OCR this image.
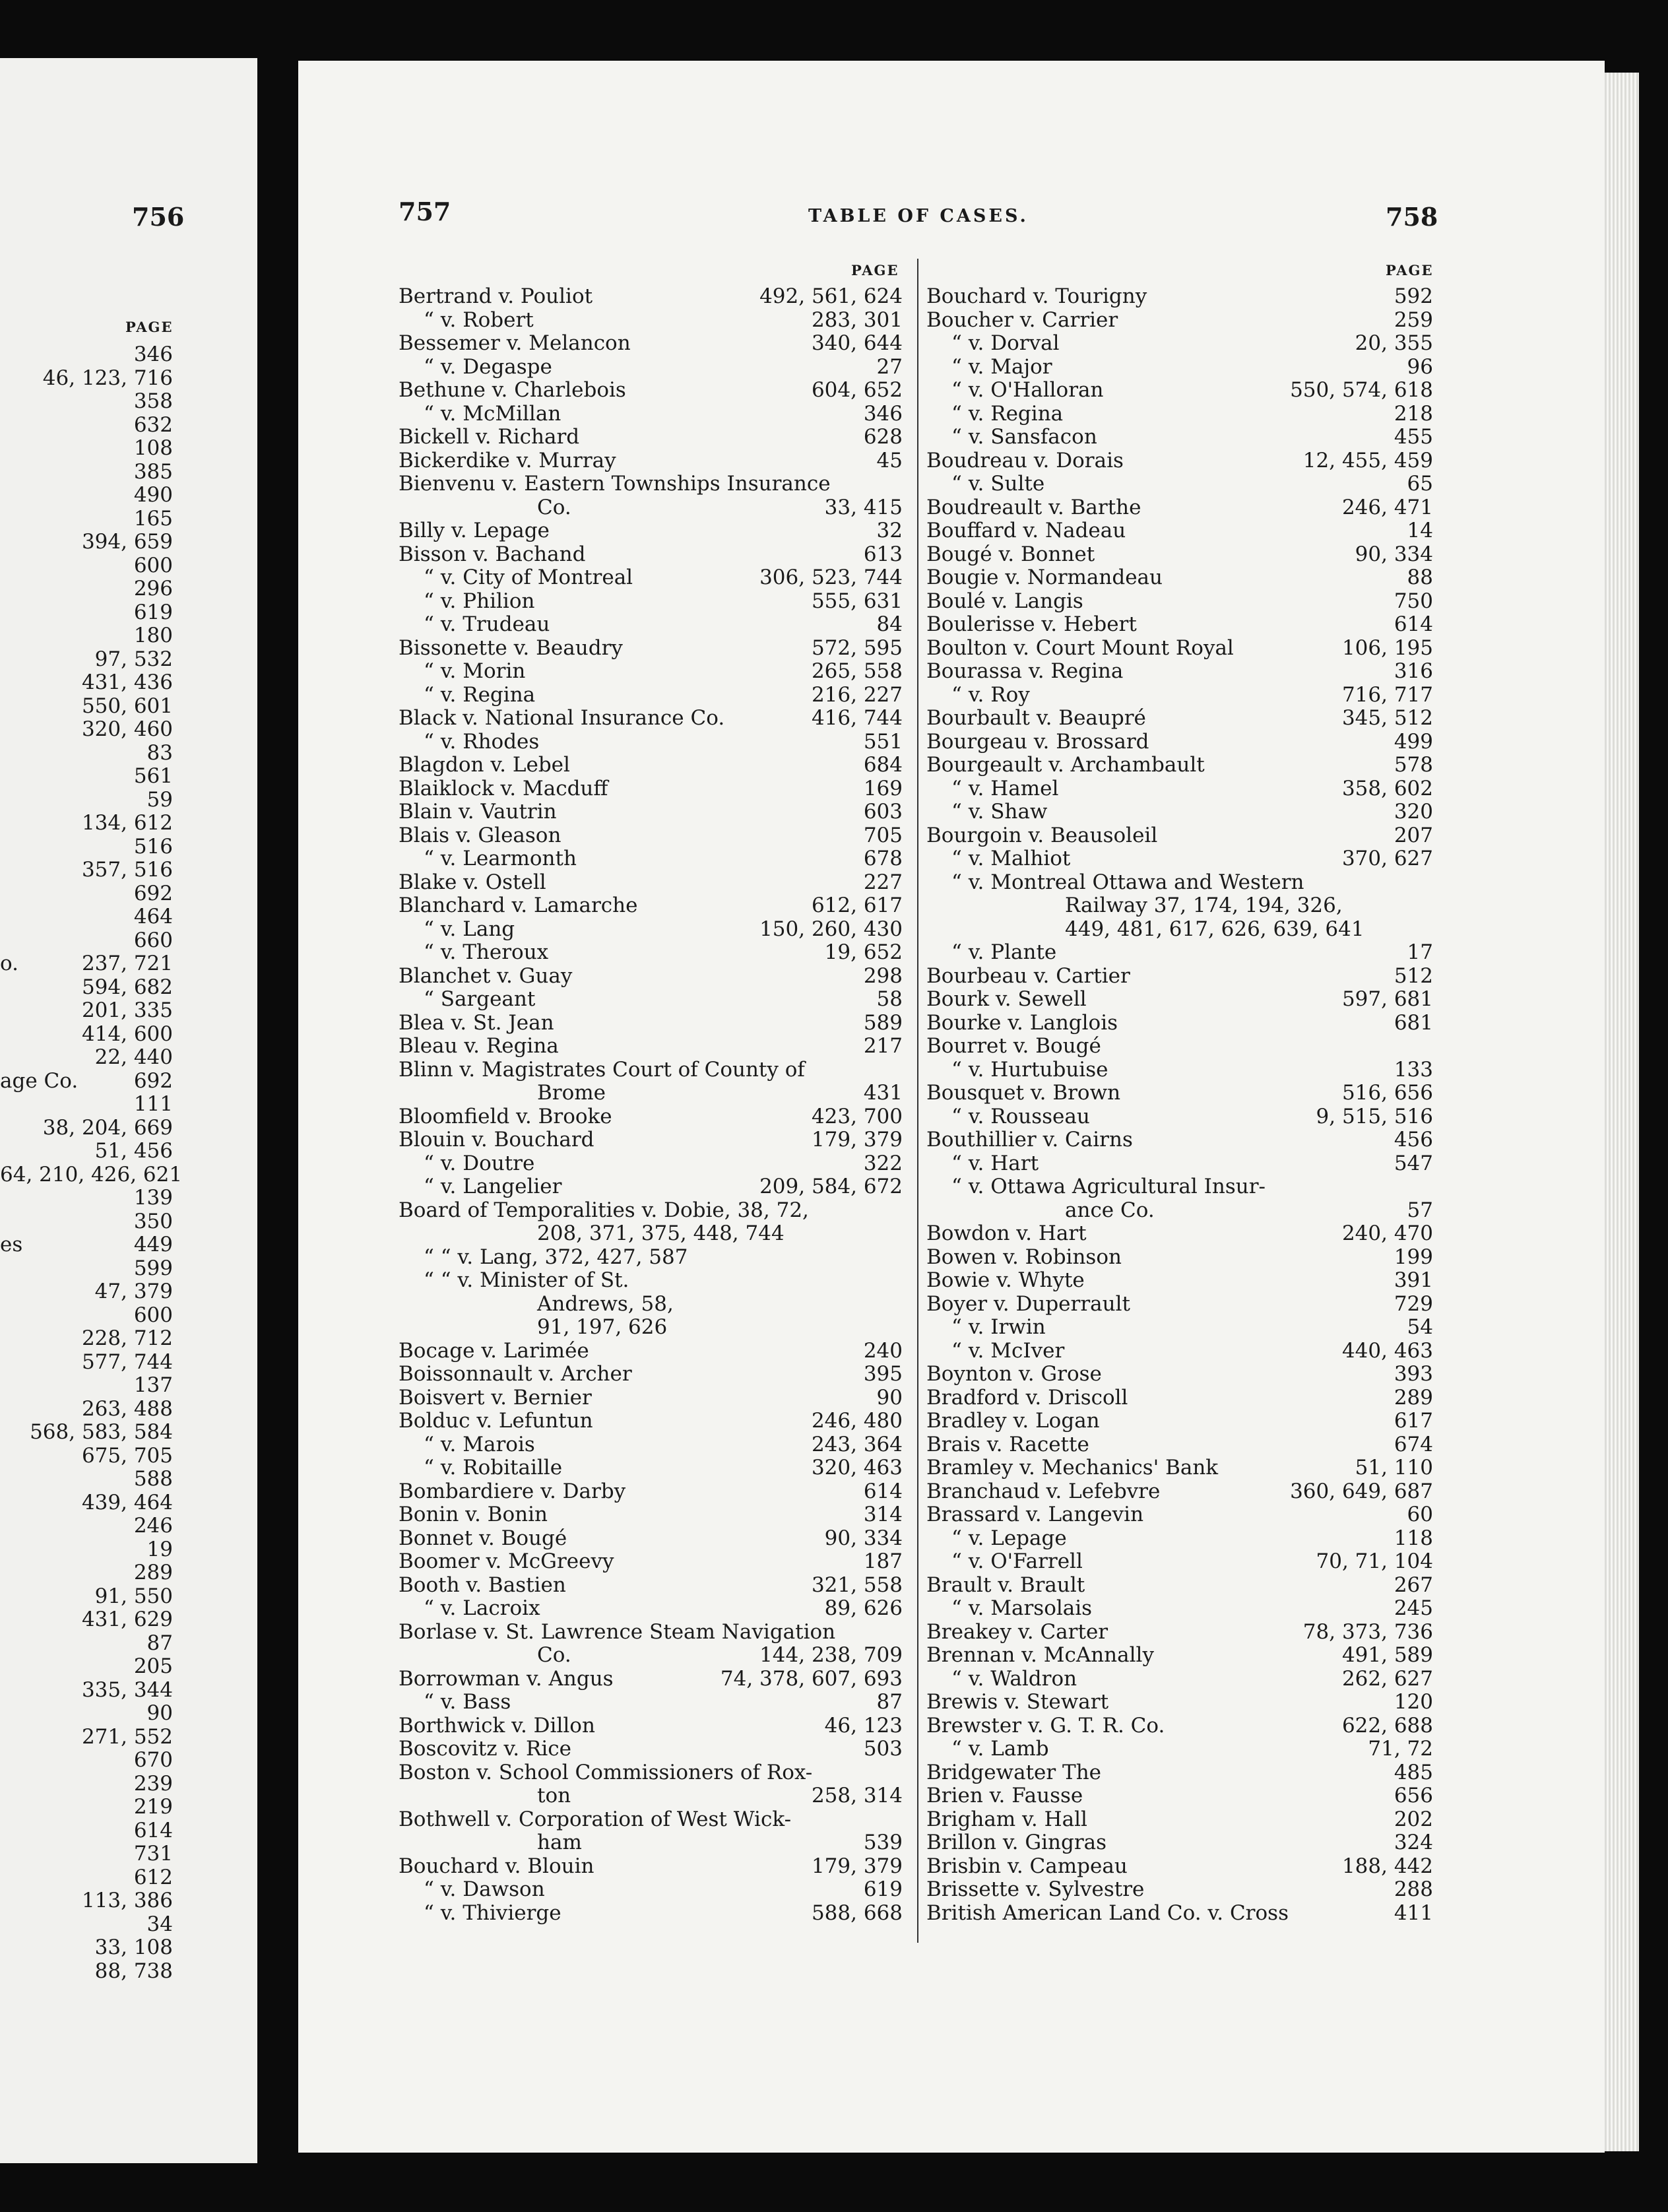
756
PAGE
346
46, 123, 716
358
632
108
385
490
165
394, 659
600
296
619
180
97, 532
431, 436
550, 601
320, 460
83
561
59
134, 612
516
357, 516
692
464
660
o.	237, 721
594, 682
201, 335
414, 600
22, 440
age Co.	692
111
38, 204, 669
51, 456
64, 210, 426, 621
139
350
es	449
599
47, 379
600
228, 712
577, 744
137
263, 488
568, 583, 584
675, 705
588
439, 464
246
19
289
91, 550
431, 629
87
205
335, 344
90
271, 552
670
239
219
614
731
612
113, 386
34
33, 108
88, 738
757	TABLE OF CASES.	758
PAGE	PAGE
Bertrand v. Pouliot	492, 561, 624
“ v. Robert	283, 301
Bessemer v. Melancon	340, 644
“ v. Degaspe	27
Bethune v. Charlebois	604, 652
“ v. McMillan	346
Bickell v. Richard	628
Bickerdike v. Murray	45
Bienvenu v. Eastern Townships Insurance
Co.	33, 415
Billy v. Lepage	32
Bisson v. Bachand	613
“ v. City of Montreal	306, 523, 744
“ v. Philion	555, 631
“ v. Trudeau	84
Bissonette v. Beaudry	572, 595
“ v. Morin	265, 558
“ v. Regina	216, 227
Black v. National Insurance Co.	416, 744
“ v. Rhodes	551
Blagdon v. Lebel	684
Blaiklock v. Macduff	169
Blain v. Vautrin	603
Blais v. Gleason	705
“ v. Learmonth	678
Blake v. Ostell	227
Blanchard v. Lamarche	612, 617
“ v. Lang	150, 260, 430
“ v. Theroux	19, 652
Blanchet v. Guay	298
“ Sargeant	58
Blea v. St. Jean	589
Bleau v. Regina	217
Blinn v. Magistrates Court of County of
Brome	431
Bloomfield v. Brooke	423, 700
Blouin v. Bouchard	179, 379
“ v. Doutre	322
“ v. Langelier	209, 584, 672
Board of Temporalities v. Dobie, 38, 72,
208, 371, 375, 448, 744
“ “ v. Lang, 372, 427, 587
“ “ v. Minister of St.
Andrews, 58,
91, 197, 626
Bocage v. Larimée	240
Boissonnault v. Archer	395
Boisvert v. Bernier	90
Bolduc v. Lefuntun	246, 480
“ v. Marois	243, 364
“ v. Robitaille	320, 463
Bombardiere v. Darby	614
Bonin v. Bonin	314
Bonnet v. Bougé	90, 334
Boomer v. McGreevy	187
Booth v. Bastien	321, 558
“ v. Lacroix	89, 626
Borlase v. St. Lawrence Steam Navigation
Co.	144, 238, 709
Borrowman v. Angus	74, 378, 607, 693
“ v. Bass	87
Borthwick v. Dillon	46, 123
Boscovitz v. Rice	503
Boston v. School Commissioners of Rox-
ton	258, 314
Bothwell v. Corporation of West Wick-
ham	539
Bouchard v. Blouin	179, 379
“ v. Dawson	619
“ v. Thivierge	588, 668
Bouchard v. Tourigny	592
Boucher v. Carrier	259
“ v. Dorval	20, 355
“ v. Major	96
“ v. O'Halloran	550, 574, 618
“ v. Regina	218
“ v. Sansfacon	455
Boudreau v. Dorais	12, 455, 459
“ v. Sulte	65
Boudreault v. Barthe	246, 471
Bouffard v. Nadeau	14
Bougé v. Bonnet	90, 334
Bougie v. Normandeau	88
Boulé v. Langis	750
Boulerisse v. Hebert	614
Boulton v. Court Mount Royal	106, 195
Bourassa v. Regina	316
“ v. Roy	716, 717
Bourbault v. Beaupré	345, 512
Bourgeau v. Brossard	499
Bourgeault v. Archambault	578
“ v. Hamel	358, 602
“ v. Shaw	320
Bourgoin v. Beausoleil	207
“ v. Malhiot	370, 627
“ v. Montreal Ottawa and Western
Railway 37, 174, 194, 326,
449, 481, 617, 626, 639, 641
“ v. Plante	17
Bourbeau v. Cartier	512
Bourk v. Sewell	597, 681
Bourke v. Langlois	681
Bourret v. Bougé
“ v. Hurtubuise	133
Bousquet v. Brown	516, 656
“ v. Rousseau	9, 515, 516
Bouthillier v. Cairns	456
“ v. Hart	547
“ v. Ottawa Agricultural Insur-
ance Co.	57
Bowdon v. Hart	240, 470
Bowen v. Robinson	199
Bowie v. Whyte	391
Boyer v. Duperrault	729
“ v. Irwin	54
“ v. McIver	440, 463
Boynton v. Grose	393
Bradford v. Driscoll	289
Bradley v. Logan	617
Brais v. Racette	674
Bramley v. Mechanics' Bank	51, 110
Branchaud v. Lefebvre	360, 649, 687
Brassard v. Langevin	60
“ v. Lepage	118
“ v. O'Farrell	70, 71, 104
Brault v. Brault	267
“ v. Marsolais	245
Breakey v. Carter	78, 373, 736
Brennan v. McAnnally	491, 589
“ v. Waldron	262, 627
Brewis v. Stewart	120
Brewster v. G. T. R. Co.	622, 688
“ v. Lamb	71, 72
Bridgewater The	485
Brien v. Fausse	656
Brigham v. Hall	202
Brillon v. Gingras	324
Brisbin v. Campeau	188, 442
Brissette v. Sylvestre	288
British American Land Co. v. Cross	411
